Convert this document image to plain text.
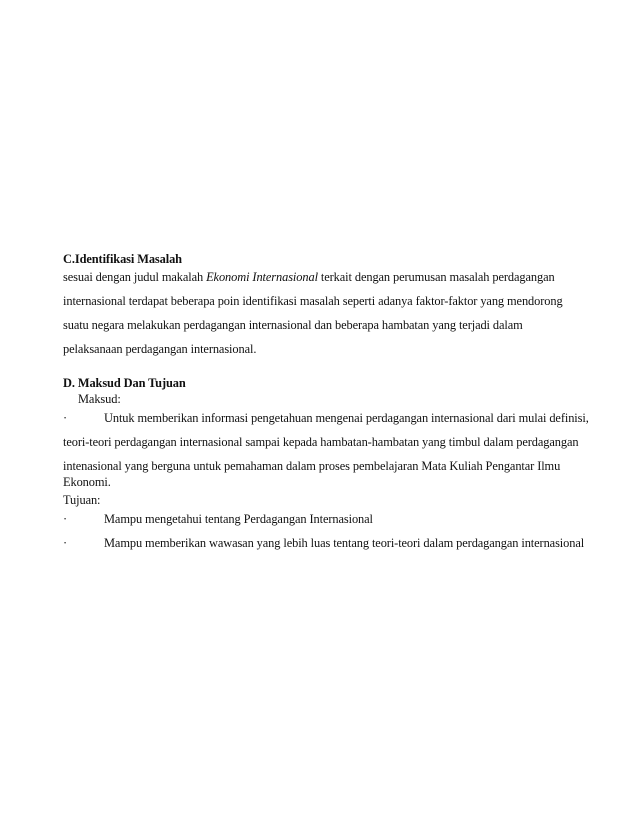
C.Identifikasi Masalah
sesuai dengan judul makalah Ekonomi Internasional terkait dengan perumusan masalah perdagangan
internasional terdapat beberapa poin identifikasi masalah seperti adanya faktor-faktor yang mendorong
suatu negara melakukan perdagangan internasional dan beberapa hambatan yang terjadi dalam
pelaksanaan perdagangan internasional.
D. Maksud Dan Tujuan
Maksud:
·	Untuk memberikan informasi pengetahuan mengenai perdagangan internasional dari mulai definisi,
teori-teori perdagangan internasional sampai kepada hambatan-hambatan yang timbul dalam perdagangan
intenasional yang berguna untuk pemahaman dalam proses pembelajaran Mata Kuliah Pengantar Ilmu
Ekonomi.
Tujuan:
·	Mampu mengetahui tentang Perdagangan Internasional
·	Mampu memberikan wawasan yang lebih luas tentang teori-teori dalam perdagangan internasional
